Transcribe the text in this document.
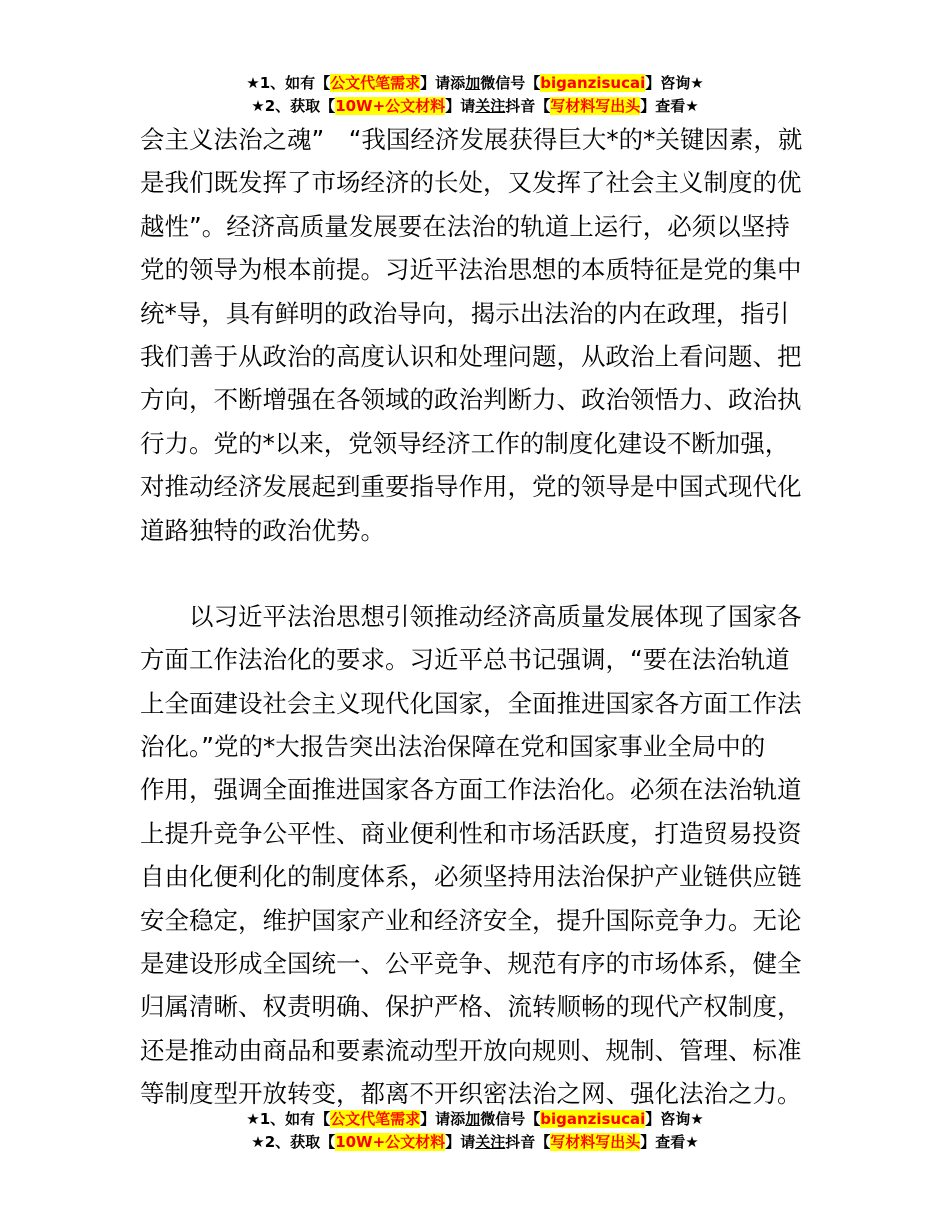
★1、如有【公文代笔需求】请添加微信号【biganzisucai】咨询★
★2、获取【10W+公文材料】请关注抖音【写材料写出头】查看★
会主义法治之魂”　“我国经济发展获得巨大*的*关键因素，就
是我们既发挥了市场经济的长处，又发挥了社会主义制度的优
越性”。经济高质量发展要在法治的轨道上运行，必须以坚持
党的领导为根本前提。习近平法治思想的本质特征是党的集中
统*导，具有鲜明的政治导向，揭示出法治的内在政理，指引
我们善于从政治的高度认识和处理问题，从政治上看问题、把
方向，不断增强在各领域的政治判断力、政治领悟力、政治执
行力。党的*以来，党领导经济工作的制度化建设不断加强，
对推动经济发展起到重要指导作用，党的领导是中国式现代化
道路独特的政治优势。
　　以习近平法治思想引领推动经济高质量发展体现了国家各
方面工作法治化的要求。习近平总书记强调，“要在法治轨道
上全面建设社会主义现代化国家，全面推进国家各方面工作法
治化。”党的*大报告突出法治保障在党和国家事业全局中的
作用，强调全面推进国家各方面工作法治化。必须在法治轨道
上提升竞争公平性、商业便利性和市场活跃度，打造贸易投资
自由化便利化的制度体系，必须坚持用法治保护产业链供应链
安全稳定，维护国家产业和经济安全，提升国际竞争力。无论
是建设形成全国统一、公平竞争、规范有序的市场体系，健全
归属清晰、权责明确、保护严格、流转顺畅的现代产权制度，
还是推动由商品和要素流动型开放向规则、规制、管理、标准
等制度型开放转变，都离不开织密法治之网、强化法治之力。
★1、如有【公文代笔需求】请添加微信号【biganzisucai】咨询★
★2、获取【10W+公文材料】请关注抖音【写材料写出头】查看★
